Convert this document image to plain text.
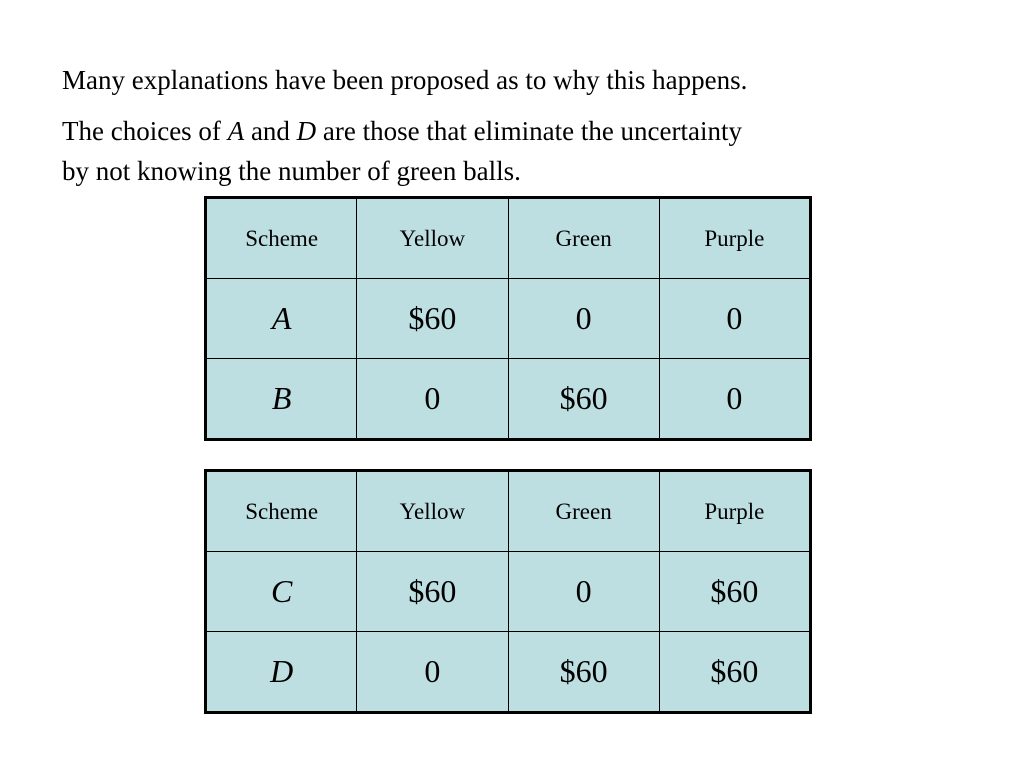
Many explanations have been proposed as to why this happens.

The choices of A and D are those that eliminate the uncertainty
by not knowing the number of green balls.

Scheme	Yellow	Green	Purple
A	$60	0	0
B	0	$60	0
Scheme	Yellow	Green	Purple
C	$60	0	$60
D	0	$60	$60
